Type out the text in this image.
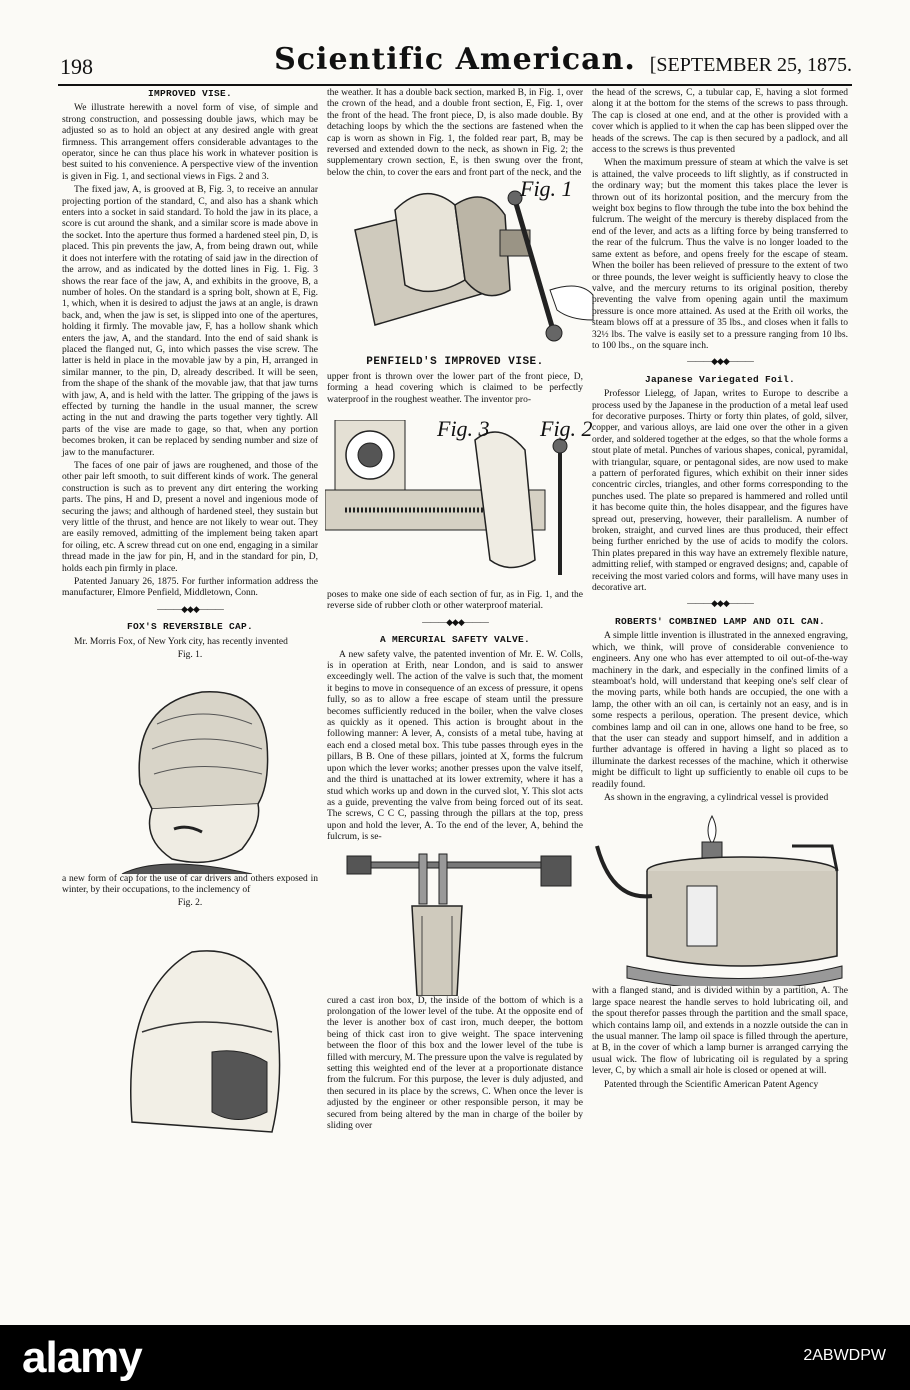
198	Scientific American. [SEPTEMBER 25, 1875.
IMPROVED VISE.

We illustrate herewith a novel form of vise, of simple and strong construction, and possessing double jaws, which may be adjusted so as to hold an object at any desired angle with great firmness. This arrangement offers considerable advantages to the operator, since he can thus place his work in whatever position is best suited to his convenience. A perspective view of the invention is given in Fig. 1, and sectional views in Figs. 2 and 3.

The fixed jaw, A, is grooved at B, Fig. 3, to receive an annular projecting portion of the standard, C, and also has a shank which enters into a socket in said standard. To hold the jaw in its place, a score is cut around the shank, and a similar score is made above in the socket. Into the aperture thus formed a hardened steel pin, D, is placed. This pin prevents the jaw, A, from being drawn out, while it does not interfere with the rotating of said jaw in the direction of the arrow, and as indicated by the dotted lines in Fig. 1. Fig. 3 shows the rear face of the jaw, A, and exhibits in the groove, B, a number of holes. On the standard is a spring bolt, shown at E, Fig. 1, which, when it is desired to adjust the jaws at an angle, is drawn back, and, when the jaw is set, is slipped into one of the apertures, holding it firmly. The movable jaw, F, has a hollow shank which enters the jaw, A, and the standard. Into the end of said shank is placed the flanged nut, G, into which passes the vise screw. The latter is held in place in the movable jaw by a pin, H, arranged in similar manner, to the pin, D, already described. It will be seen, from the shape of the shank of the movable jaw, that that jaw turns with jaw, A, and is held with the latter. The gripping of the jaws is effected by turning the handle in the usual manner, the screw acting in the nut and drawing the parts together very tightly. All parts of the vise are made to gage, so that, when any portion becomes broken, it can be replaced by sending number and size of jaw to the manufacturer.

The faces of one pair of jaws are roughened, and those of the other pair left smooth, to suit different kinds of work. The general construction is such as to prevent any dirt entering the working parts. The pins, H and D, present a novel and ingenious mode of securing the jaws; and although of hardened steel, they sustain but very little of the thrust, and hence are not likely to wear out. They are easily removed, admitting of the implement being taken apart for oiling, etc. A screw thread cut on one end, engaging in a similar thread made in the jaw for pin, H, and in the standard for pin, D, holds each pin firmly in place.

Patented January 26, 1875. For further information address the manufacturer, Elmore Penfield, Middletown, Conn.

———◆◆◆———
FOX'S REVERSIBLE CAP.

Mr. Morris Fox, of New York city, has recently invented

Fig. 1.

a new form of cap for the use of car drivers and others exposed in winter, by their occupations, to the inclemency of

Fig. 2.

the weather. It has a double back section, marked B, in Fig. 1, over the crown of the head, and a double front section, E, Fig. 1, over the front of the head. The front piece, D, is also made double. By detaching loops by which the the sections are fastened when the cap is worn as shown in Fig. 1, the folded rear part, B, may be reversed and extended down to the neck, as shown in Fig. 2; the supplementary crown section, E, is then swung over the front, below the chin, to cover the ears and front part of the neck, and the

Fig. 1
PENFIELD'S IMPROVED VISE.

upper front is thrown over the lower part of the front piece, D, forming a head covering which is claimed to be perfectly waterproof in the roughest weather. The inventor pro-

Fig. 3 Fig. 2

poses to make one side of each section of fur, as in Fig. 1, and the reverse side of rubber cloth or other waterproof material.

———◆◆◆———
A MERCURIAL SAFETY VALVE.

A new safety valve, the patented invention of Mr. E. W. Colls, is in operation at Erith, near London, and is said to answer exceedingly well. The action of the valve is such that, the moment it begins to move in consequence of an excess of pressure, it opens fully, so as to allow a free escape of steam until the pressure becomes sufficiently reduced in the boiler, when the valve closes as quickly as it opened. This action is brought about in the following manner: A lever, A, consists of a metal tube, having at each end a closed metal box. This tube passes through eyes in the pillars, B B. One of these pillars, jointed at X, forms the fulcrum upon which the lever works; another presses upon the valve itself, and the third is unattached at its lower extremity, where it has a stud which works up and down in the curved slot, Y. This slot acts as a guide, preventing the valve from being forced out of its seat. The screws, C C C, passing through the pillars at the top, press upon and hold the lever, A. To the end of the lever, A, behind the fulcrum, is se-

cured a cast iron box, D, the inside of the bottom of which is a prolongation of the lower level of the tube. At the opposite end of the lever is another box of cast iron, much deeper, the bottom being of thick cast iron to give weight. The space intervening between the floor of this box and the lower level of the tube is filled with mercury, M. The pressure upon the valve is regulated by setting this weighted end of the lever at a proportionate distance from the fulcrum. For this purpose, the lever is duly adjusted, and then secured in its place by the screws, C. When once the lever is adjusted by the engineer or other responsible person, it may be secured from being altered by the man in charge of the boiler by sliding over

the head of the screws, C, a tubular cap, E, having a slot formed along it at the bottom for the stems of the screws to pass through. The cap is closed at one end, and at the other is provided with a cover which is applied to it when the cap has been slipped over the heads of the screws. The cap is then secured by a padlock, and all access to the screws is thus prevented

When the maximum pressure of steam at which the valve is set is attained, the valve proceeds to lift slightly, as if constructed in the ordinary way; but the moment this takes place the lever is thrown out of its horizontal position, and the mercury from the weight box begins to flow through the tube into the box behind the fulcrum. The weight of the mercury is thereby displaced from the end of the lever, and acts as a lifting force by being transferred to the rear of the fulcrum. Thus the valve is no longer loaded to the same extent as before, and opens freely for the escape of steam. When the boiler has been relieved of pressure to the extent of two or three pounds, the lever weight is sufficiently heavy to close the valve, and the mercury returns to its original position, thereby preventing the valve from opening again until the maximum pressure is once more attained. As used at the Erith oil works, the steam blows off at a pressure of 35 lbs., and closes when it falls to 32½ lbs. The valve is easily set to a pressure ranging from 10 lbs. to 100 lbs., on the square inch.

———◆◆◆———
Japanese Variegated Foil.

Professor Lielegg, of Japan, writes to Europe to describe a process used by the Japanese in the production of a metal leaf used for decorative purposes. Thirty or forty thin plates, of gold, silver, copper, and various alloys, are laid one over the other in a given order, and soldered together at the edges, so that the whole forms a stout plate of metal. Punches of various shapes, conical, pyramidal, with triangular, square, or pentagonal sides, are now used to make a pattern of perforated figures, which exhibit on their inner sides concentric circles, triangles, and other forms corresponding to the punches used. The plate so prepared is hammered and rolled until it has become quite thin, the holes disappear, and the figures have spread out, preserving, however, their parallelism. A number of broken, straight, and curved lines are thus produced, their effect being further enriched by the use of acids to modify the colors. Thin plates prepared in this way have an extremely flexible nature, admitting relief, with stamped or engraved designs; and, capable of receiving the most varied colors and forms, will have many uses in decorative art.

———◆◆◆———
ROBERTS' COMBINED LAMP AND OIL CAN.

A simple little invention is illustrated in the annexed engraving, which, we think, will prove of considerable convenience to engineers. Any one who has ever attempted to oil out-of-the-way machinery in the dark, and especially in the confined limits of a steamboat's hold, will understand that keeping one's self clear of the moving parts, while both hands are occupied, the one with a lamp, the other with an oil can, is certainly not an easy, and is in some respects a perilous, operation. The present device, which combines lamp and oil can in one, allows one hand to be free, so that the user can steady and support himself, and in addition a further advantage is offered in having a light so placed as to illuminate the darkest recesses of the machine, which it otherwise might be difficult to light up sufficiently to enable oil cups to be readily found.

As shown in the engraving, a cylindrical vessel is provided

with a flanged stand, and is divided within by a partition, A. The large space nearest the handle serves to hold lubricating oil, and the spout therefor passes through the partition and the small space, which contains lamp oil, and extends in a nozzle outside the can in the usual manner. The lamp oil space is filled through the aperture, at B, in the cover of which a lamp burner is arranged carrying the usual wick. The flow of lubricating oil is regulated by a spring lever, C, by which a small air hole is closed or opened at will.

Patented through the Scientific American Patent Agency

alamy	2ABWDPW
